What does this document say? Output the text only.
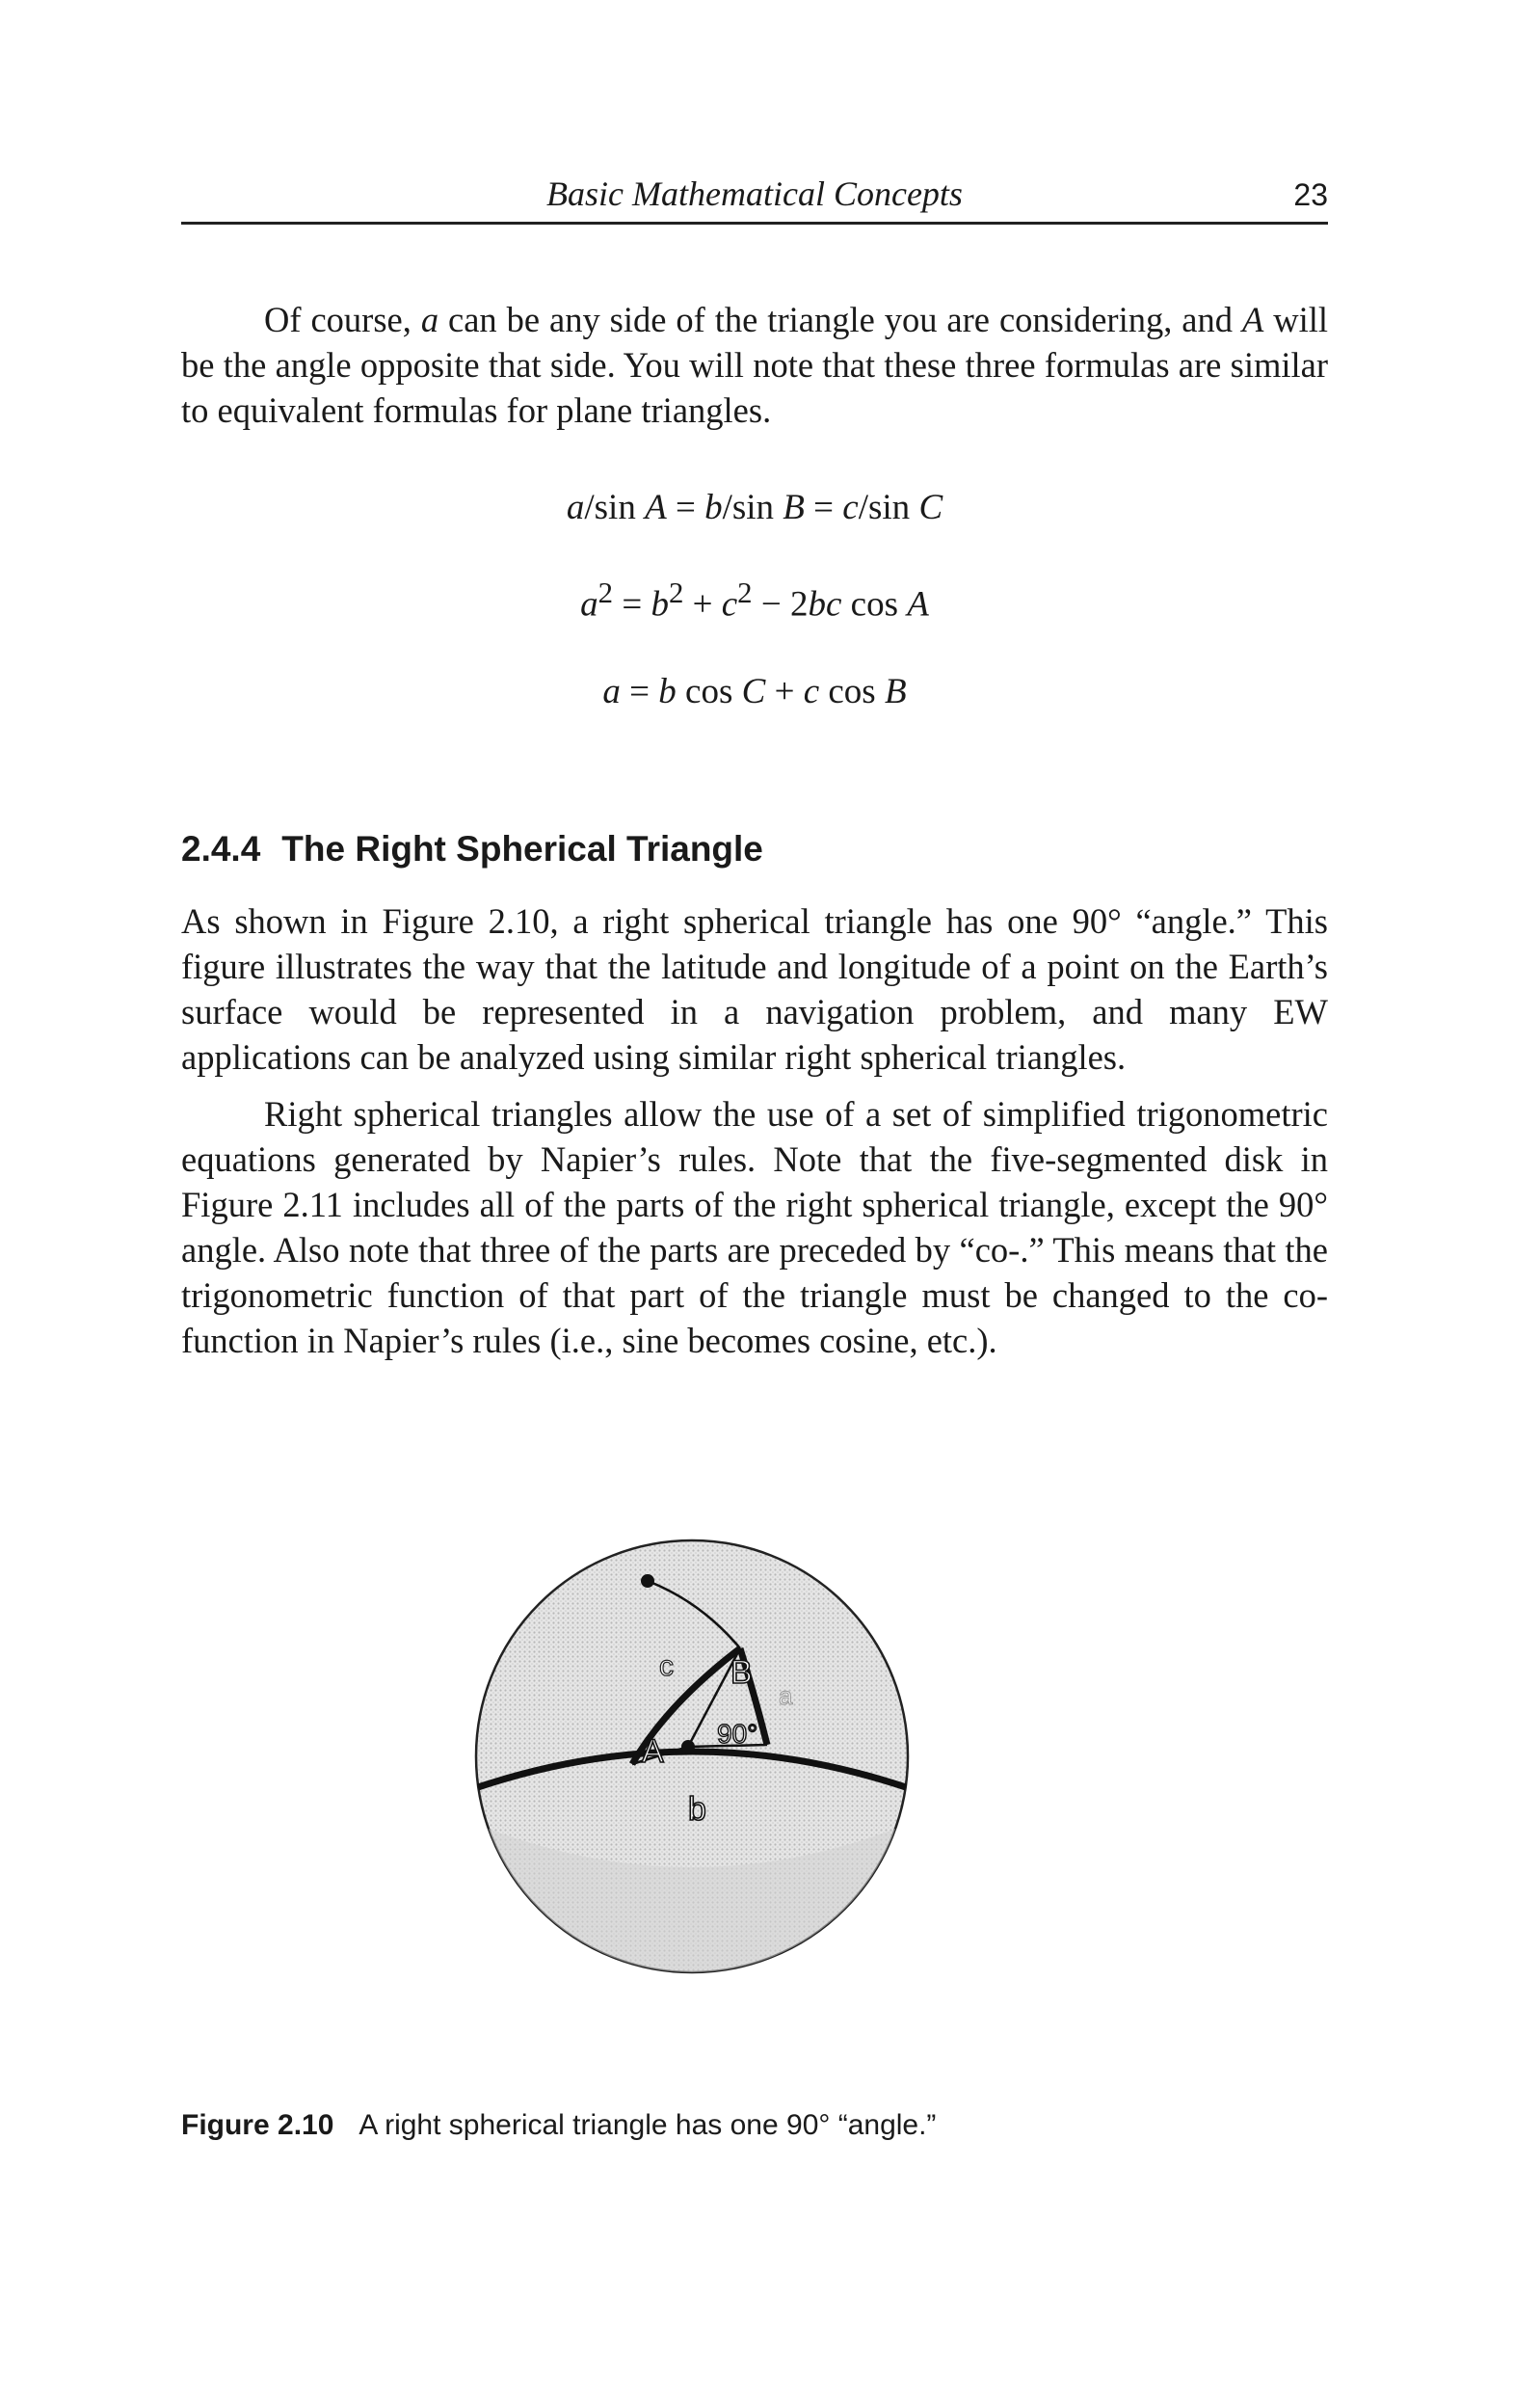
Basic Mathematical Concepts	23

Of course, a can be any side of the triangle you are considering, and A will be the angle opposite that side. You will note that these three formulas are similar to equivalent formulas for plane triangles.

a/sin A = b/sin B = c/sin C

$a^2 = b^2 + c^2 - 2bc$ cos A

a = b cos C + c cos B

2.4.4 The Right Spherical Triangle

As shown in Figure 2.10, a right spherical triangle has one 90° “angle.” This figure illustrates the way that the latitude and longitude of a point on the Earth’s surface would be represented in a navigation problem, and many EW applications can be analyzed using similar right spherical triangles.

Right spherical triangles allow the use of a set of simplified trigonometric equations generated by Napier’s rules. Note that the five-segmented disk in Figure 2.11 includes all of the parts of the right spherical triangle, except the 90° angle. Also note that three of the parts are preceded by “co-.” This means that the trigonometric function of that part of the triangle must be changed to the co-function in Napier’s rules (i.e., sine becomes cosine, etc.).

A
B
c
a
b
90°

Figure 2.10 A right spherical triangle has one 90° “angle.”
